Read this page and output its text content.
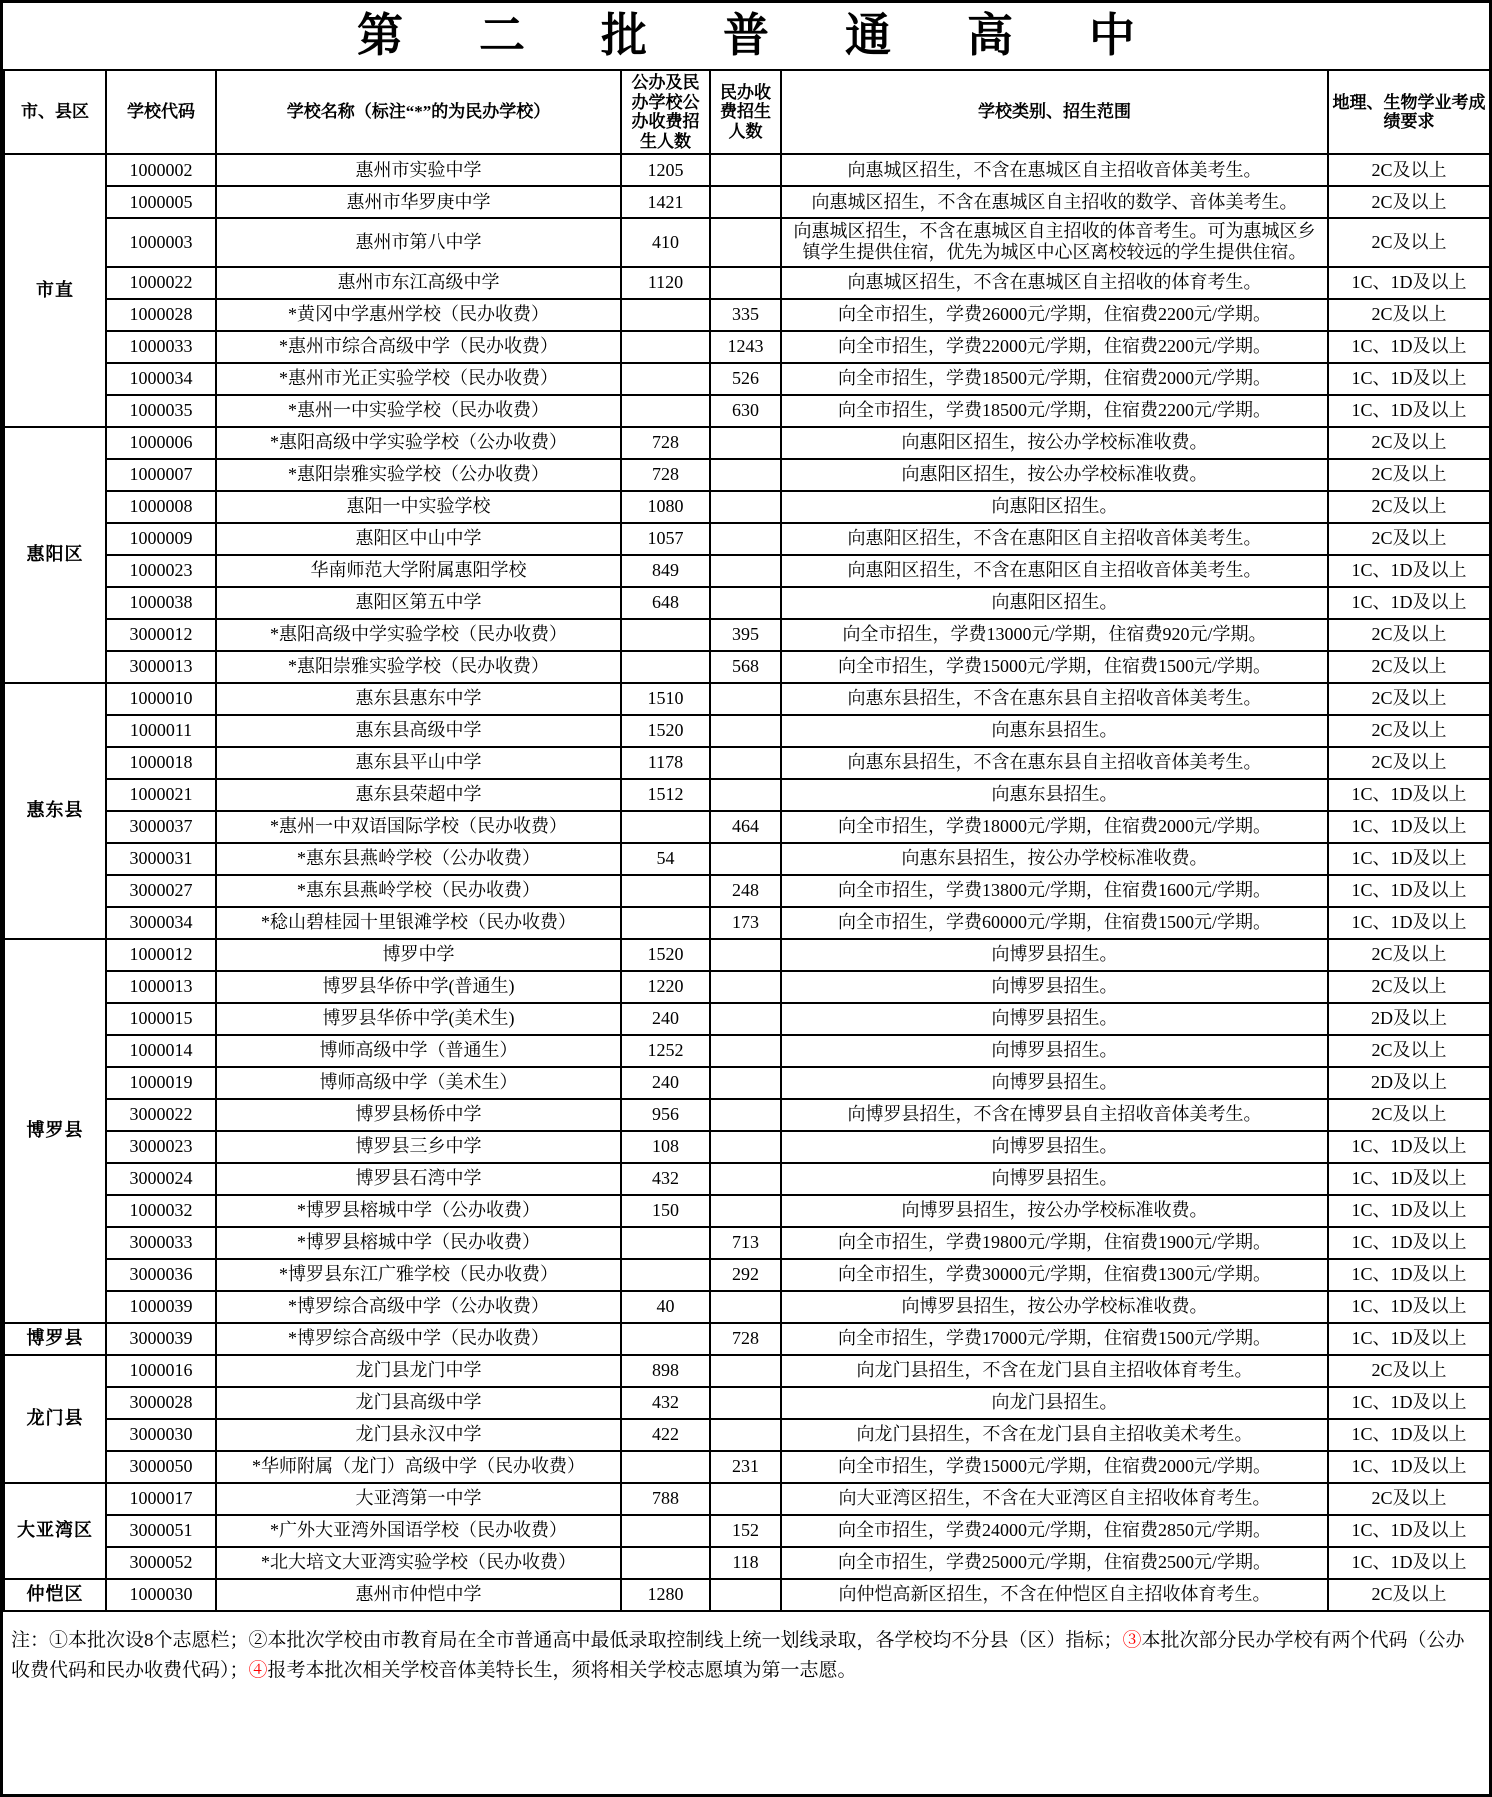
第二批普通高中
市、县区	学校代码	学校名称（标注“*”的为民办学校）	公办及民办学校公办收费招生人数	民办收费招生人数	学校类别、招生范围	地理、生物学业考成绩要求
市直	1000002	惠州市实验中学	1205		向惠城区招生，不含在惠城区自主招收音体美考生。	2C及以上
	1000005	惠州市华罗庚中学	1421		向惠城区招生，不含在惠城区自主招收的数学、音体美考生。	2C及以上
	1000003	惠州市第八中学	410		向惠城区招生，不含在惠城区自主招收的体音考生。可为惠城区乡镇学生提供住宿，优先为城区中心区离校较远的学生提供住宿。	2C及以上
	1000022	惠州市东江高级中学	1120		向惠城区招生，不含在惠城区自主招收的体育考生。	1C、1D及以上
	1000028	*黄冈中学惠州学校（民办收费）		335	向全市招生，学费26000元/学期，住宿费2200元/学期。	2C及以上
	1000033	*惠州市综合高级中学（民办收费）		1243	向全市招生，学费22000元/学期，住宿费2200元/学期。	1C、1D及以上
	1000034	*惠州市光正实验学校（民办收费）		526	向全市招生，学费18500元/学期，住宿费2000元/学期。	1C、1D及以上
	1000035	*惠州一中实验学校（民办收费）		630	向全市招生，学费18500元/学期，住宿费2200元/学期。	1C、1D及以上
惠阳区	1000006	*惠阳高级中学实验学校（公办收费）	728		向惠阳区招生，按公办学校标准收费。	2C及以上
	1000007	*惠阳崇雅实验学校（公办收费）	728		向惠阳区招生，按公办学校标准收费。	2C及以上
	1000008	惠阳一中实验学校	1080		向惠阳区招生。	2C及以上
	1000009	惠阳区中山中学	1057		向惠阳区招生，不含在惠阳区自主招收音体美考生。	2C及以上
	1000023	华南师范大学附属惠阳学校	849		向惠阳区招生，不含在惠阳区自主招收音体美考生。	1C、1D及以上
	1000038	惠阳区第五中学	648		向惠阳区招生。	1C、1D及以上
	3000012	*惠阳高级中学实验学校（民办收费）		395	向全市招生，学费13000元/学期，住宿费920元/学期。	2C及以上
	3000013	*惠阳崇雅实验学校（民办收费）		568	向全市招生，学费15000元/学期，住宿费1500元/学期。	2C及以上
惠东县	1000010	惠东县惠东中学	1510		向惠东县招生，不含在惠东县自主招收音体美考生。	2C及以上
	1000011	惠东县高级中学	1520		向惠东县招生。	2C及以上
	1000018	惠东县平山中学	1178		向惠东县招生，不含在惠东县自主招收音体美考生。	2C及以上
	1000021	惠东县荣超中学	1512		向惠东县招生。	1C、1D及以上
	3000037	*惠州一中双语国际学校（民办收费）		464	向全市招生，学费18000元/学期，住宿费2000元/学期。	1C、1D及以上
	3000031	*惠东县燕岭学校（公办收费）	54		向惠东县招生，按公办学校标准收费。	1C、1D及以上
	3000027	*惠东县燕岭学校（民办收费）		248	向全市招生，学费13800元/学期，住宿费1600元/学期。	1C、1D及以上
	3000034	*稔山碧桂园十里银滩学校（民办收费）		173	向全市招生，学费60000元/学期，住宿费1500元/学期。	1C、1D及以上
博罗县	1000012	博罗中学	1520		向博罗县招生。	2C及以上
	1000013	博罗县华侨中学(普通生)	1220		向博罗县招生。	2C及以上
	1000015	博罗县华侨中学(美术生)	240		向博罗县招生。	2D及以上
	1000014	博师高级中学（普通生）	1252		向博罗县招生。	2C及以上
	1000019	博师高级中学（美术生）	240		向博罗县招生。	2D及以上
	3000022	博罗县杨侨中学	956		向博罗县招生，不含在博罗县自主招收音体美考生。	2C及以上
	3000023	博罗县三乡中学	108		向博罗县招生。	1C、1D及以上
	3000024	博罗县石湾中学	432		向博罗县招生。	1C、1D及以上
	1000032	*博罗县榕城中学（公办收费）	150		向博罗县招生，按公办学校标准收费。	1C、1D及以上
	3000033	*博罗县榕城中学（民办收费）		713	向全市招生，学费19800元/学期，住宿费1900元/学期。	1C、1D及以上
	3000036	*博罗县东江广雅学校（民办收费）		292	向全市招生，学费30000元/学期，住宿费1300元/学期。	1C、1D及以上
	1000039	*博罗综合高级中学（公办收费）	40		向博罗县招生，按公办学校标准收费。	1C、1D及以上
博罗县	3000039	*博罗综合高级中学（民办收费）		728	向全市招生，学费17000元/学期，住宿费1500元/学期。	1C、1D及以上
龙门县	1000016	龙门县龙门中学	898		向龙门县招生，不含在龙门县自主招收体育考生。	2C及以上
	3000028	龙门县高级中学	432		向龙门县招生。	1C、1D及以上
	3000030	龙门县永汉中学	422		向龙门县招生，不含在龙门县自主招收美术考生。	1C、1D及以上
	3000050	*华师附属（龙门）高级中学（民办收费）		231	向全市招生，学费15000元/学期，住宿费2000元/学期。	1C、1D及以上
大亚湾区	1000017	大亚湾第一中学	788		向大亚湾区招生，不含在大亚湾区自主招收体育考生。	2C及以上
	3000051	*广外大亚湾外国语学校（民办收费）		152	向全市招生，学费24000元/学期，住宿费2850元/学期。	1C、1D及以上
	3000052	*北大培文大亚湾实验学校（民办收费）		118	向全市招生，学费25000元/学期，住宿费2500元/学期。	1C、1D及以上
仲恺区	1000030	惠州市仲恺中学	1280		向仲恺高新区招生，不含在仲恺区自主招收体育考生。	2C及以上
注：①本批次设8个志愿栏；②本批次学校由市教育局在全市普通高中最低录取控制线上统一划线录取，各学校均不分县（区）指标；③本批次部分民办学校有两个代码（公办收费代码和民办收费代码）；④报考本批次相关学校音体美特长生，须将相关学校志愿填为第一志愿。
